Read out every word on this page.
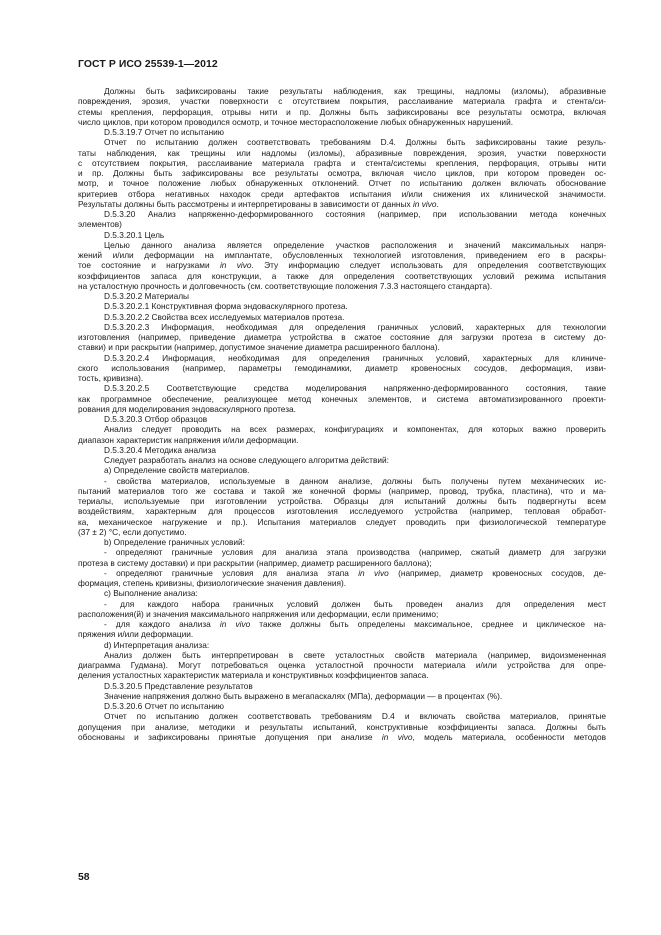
ГОСТ Р ИСО 25539-1—2012
Должны быть зафиксированы такие результаты наблюдения, как трещины, надломы (изломы), абразивные
повреждения, эрозия, участки поверхности с отсутствием покрытия, расслаивание материала графта и стента/си-
стемы крепления, перфорация, отрывы нити и пр. Должны быть зафиксированы все результаты осмотра, включая
число циклов, при котором проводился осмотр, и точное месторасположение любых обнаруженных нарушений.
D.5.3.19.7 Отчет по испытанию
Отчет по испытанию должен соответствовать требованиям D.4. Должны быть зафиксированы такие резуль-
таты наблюдения, как трещины или надломы (изломы), абразивные повреждения, эрозия, участки поверхности
с отсутствием покрытия, расслаивание материала графта и стента/системы крепления, перфорация, отрывы нити
и пр. Должны быть зафиксированы все результаты осмотра, включая число циклов, при котором проведен ос-
мотр, и точное положение любых обнаруженных отклонений. Отчет по испытанию должен включать обоснование
критериев отбора негативных находок среди артефактов испытания и/или снижения их клинической значимости.
Результаты должны быть рассмотрены и интерпретированы в зависимости от данных in vivo.
D.5.3.20 Анализ напряженно-деформированного состояния (например, при использовании метода конечных
элементов)
D.5.3.20.1 Цель
Целью данного анализа является определение участков расположения и значений максимальных напря-
жений и/или деформации на имплантате, обусловленных технологией изготовления, приведением его в раскры-
тое состояние и нагрузками in vivo. Эту информацию следует использовать для определения соответствующих
коэффициентов запаса для конструкции, а также для определения соответствующих условий режима испытания
на усталостную прочность и долговечность (см. соответствующие положения 7.3.3 настоящего стандарта).
D.5.3.20.2 Материалы
D.5.3.20.2.1 Конструктивная форма эндоваскулярного протеза.
D.5.3.20.2.2 Свойства всех исследуемых материалов протеза.
D.5.3.20.2.3 Информация, необходимая для определения граничных условий, характерных для технологии
изготовления (например, приведение диаметра устройства в сжатое состояние для загрузки протеза в систему до-
ставки) и при раскрытии (например, допустимое значение диаметра расширенного баллона).
D.5.3.20.2.4 Информация, необходимая для определения граничных условий, характерных для клиниче-
ского использования (например, параметры гемодинамики, диаметр кровеносных сосудов, деформация, изви-
тость, кривизна).
D.5.3.20.2.5 Соответствующие средства моделирования напряженно-деформированного состояния, такие
как программное обеспечение, реализующее метод конечных элементов, и система автоматизированного проекти-
рования для моделирования эндоваскулярного протеза.
D.5.3.20.3 Отбор образцов
Анализ следует проводить на всех размерах, конфигурациях и компонентах, для которых важно проверить
диапазон характеристик напряжения и/или деформации.
D.5.3.20.4 Методика анализа
Следует разработать анализ на основе следующего алгоритма действий:
а) Определение свойств материалов.
- свойства материалов, используемые в данном анализе, должны быть получены путем механических ис-
пытаний материалов того же состава и такой же конечной формы (например, провод, трубка, пластина), что и ма-
териалы, используемые при изготовлении устройства. Образцы для испытаний должны быть подвергнуты всем
воздействиям, характерным для процессов изготовления исследуемого устройства (например, тепловая обработ-
ка, механическое нагружение и пр.). Испытания материалов следует проводить при физиологической температуре
(37 ± 2) °С, если допустимо.
b) Определение граничных условий:
- определяют граничные условия для анализа этапа производства (например, сжатый диаметр для загрузки
протеза в систему доставки) и при раскрытии (например, диаметр расширенного баллона);
- определяют граничные условия для анализа этапа in vivo (например, диаметр кровеносных сосудов, де-
формация, степень кривизны, физиологические значения давления).
с) Выполнение анализа:
- для каждого набора граничных условий должен быть проведен анализ для определения мест
расположения(й) и значения максимального напряжения или деформации, если применимо;
- для каждого анализа in vivo также должны быть определены максимальное, среднее и циклическое на-
пряжения и/или деформации.
d) Интерпретация анализа:
Анализ должен быть интерпретирован в свете усталостных свойств материала (например, видоизмененная
диаграмма Гудмана). Могут потребоваться оценка усталостной прочности материала и/или устройства для опре-
деления усталостных характеристик материала и конструктивных коэффициентов запаса.
D.5.3.20.5 Представление результатов
Значение напряжения должно быть выражено в мегапаскалях (МПа), деформации — в процентах (%).
D.5.3.20.6 Отчет по испытанию
Отчет по испытанию должен соответствовать требованиям D.4 и включать свойства материалов, принятые
допущения при анализе, методики и результаты испытаний, конструктивные коэффициенты запаса. Должны быть
обоснованы и зафиксированы принятые допущения при анализе in vivo, модель материала, особенности методов
58
